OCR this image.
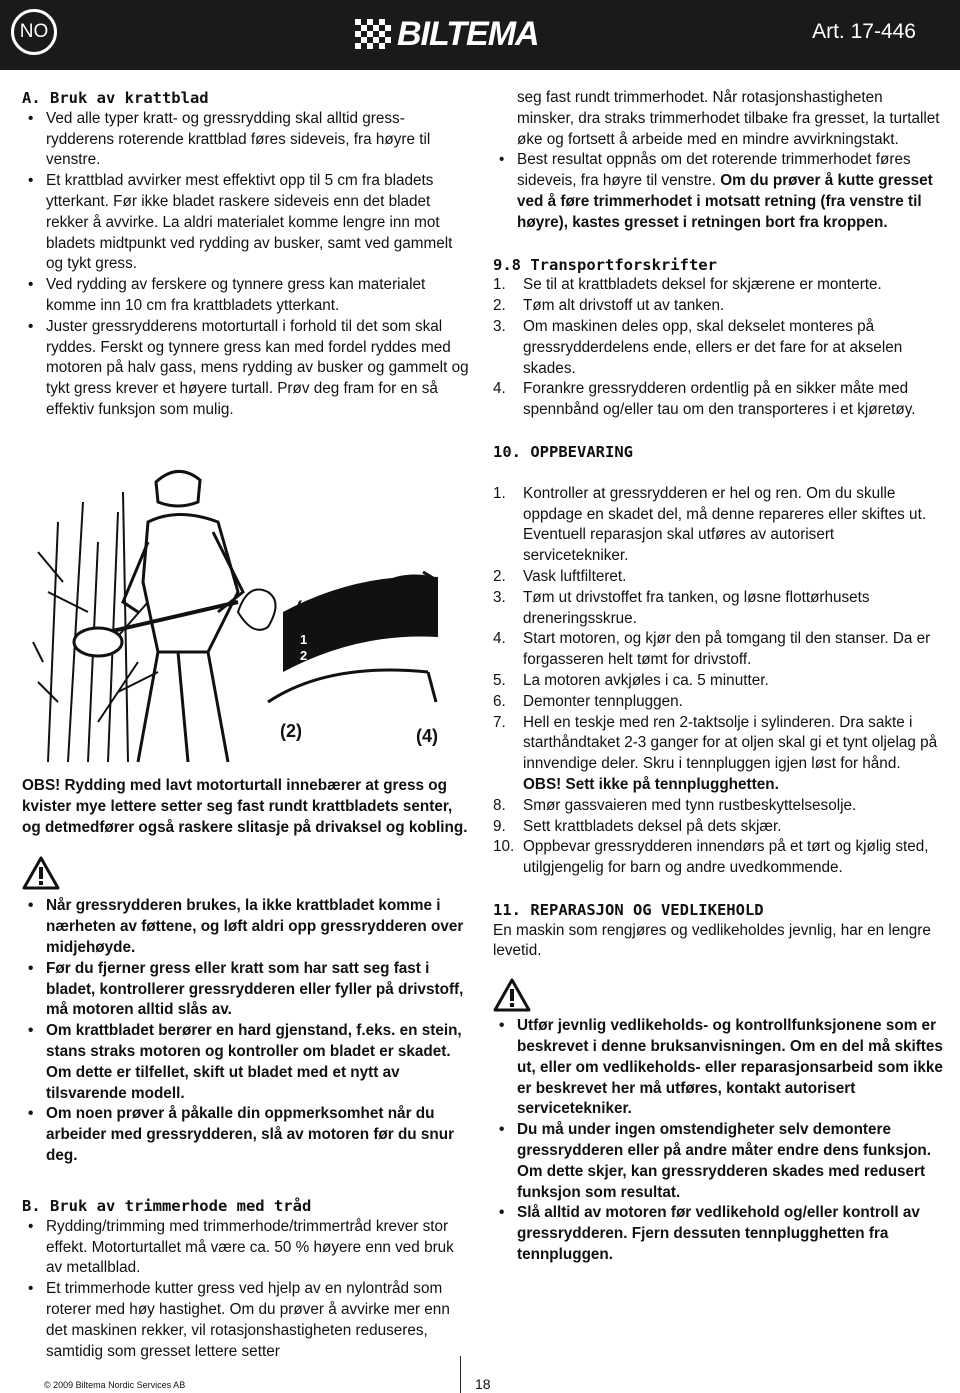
NO	BILTEMA	Art. 17-446

A. Bruk av krattblad

• Ved alle typer kratt- og gressrydding skal alltid gress-rydderens roterende krattblad føres sideveis, fra høyre til venstre.
• Et krattblad avvirker mest effektivt opp til 5 cm fra bladets ytterkant. Før ikke bladet raskere sideveis enn det bladet rekker å avvirke. La aldri materialet komme lengre inn mot bladets midtpunkt ved rydding av busker, samt ved gammelt og tykt gress.
• Ved rydding av ferskere og tynnere gress kan materialet komme inn 10 cm fra krattbladets ytterkant.
• Juster gressrydderens motorturtall i forhold til det som skal ryddes. Ferskt og tynnere gress kan med fordel ryddes med motoren på halv gass, mens rydding av busker og gammelt og tykt gress krever et høyere turtall. Prøv deg fram for en så effektiv funksjon som mulig.
(1)
(2)
(3)
(4)
1
2
3

OBS! Rydding med lavt motorturtall innebærer at gress og kvister mye lettere setter seg fast rundt krattbladets senter, og detmedfører også raskere slitasje på drivaksel og kobling.

• Når gressrydderen brukes, la ikke krattbladet komme i nærheten av føttene, og løft aldri opp gressrydderen over midjehøyde.
• Før du fjerner gress eller kratt som har satt seg fast i bladet, kontrollerer gressrydderen eller fyller på drivstoff, må motoren alltid slås av.
• Om krattbladet berører en hard gjenstand, f.eks. en stein, stans straks motoren og kontroller om bladet er skadet. Om dette er tilfellet, skift ut bladet med et nytt av tilsvarende modell.
• Om noen prøver å påkalle din oppmerksomhet når du arbeider med gressrydderen, slå av motoren før du snur deg.

B. Bruk av trimmerhode med tråd

• Rydding/trimming med trimmerhode/trimmertråd krever stor effekt. Motorturtallet må være ca. 50 % høyere enn ved bruk av metallblad.
• Et trimmerhode kutter gress ved hjelp av en nylontråd som roterer med høy hastighet. Om du prøver å avvirke mer enn det maskinen rekker, vil rotasjonshastigheten reduseres, samtidig som gresset lettere setter

seg fast rundt trimmerhodet. Når rotasjonshastigheten minsker, dra straks trimmerhodet tilbake fra gresset, la turtallet øke og fortsett å arbeide med en mindre avvirkningstakt.

• Best resultat oppnås om det roterende trimmerhodet føres sideveis, fra høyre til venstre. Om du prøver å kutte gresset ved å føre trimmerhodet i motsatt retning (fra venstre til høyre), kastes gresset i retningen bort fra kroppen.

9.8 Transportforskrifter

1. Se til at krattbladets deksel for skjærene er monterte.
2. Tøm alt drivstoff ut av tanken.
3. Om maskinen deles opp, skal dekselet monteres på gressrydderdelens ende, ellers er det fare for at akselen skades.
4. Forankre gressrydderen ordentlig på en sikker måte med spennbånd og/eller tau om den transporteres i et kjøretøy.

10. OPPBEVARING

1. Kontroller at gressrydderen er hel og ren. Om du skulle oppdage en skadet del, må denne repareres eller skiftes ut. Eventuell reparasjon skal utføres av autorisert servicetekniker.
2. Vask luftfilteret.
3. Tøm ut drivstoffet fra tanken, og løsne flottørhusets dreneringsskrue.
4. Start motoren, og kjør den på tomgang til den stanser. Da er forgasseren helt tømt for drivstoff.
5. La motoren avkjøles i ca. 5 minutter.
6. Demonter tennpluggen.
7. Hell en teskje med ren 2-taktsolje i sylinderen. Dra sakte i starthåndtaket 2-3 ganger for at oljen skal gi et tynt oljelag på innvendige deler. Skru i tennpluggen igjen løst for hånd.
OBS! Sett ikke på tennplugghetten.
8. Smør gassvaieren med tynn rustbeskyttelsesolje.
9. Sett krattbladets deksel på dets skjær.
10. Oppbevar gressrydderen innendørs på et tørt og kjølig sted, utilgjengelig for barn og andre uvedkommende.

11. REPARASJON OG VEDLIKEHOLD

En maskin som rengjøres og vedlikeholdes jevnlig, har en lengre levetid.

• Utfør jevnlig vedlikeholds- og kontrollfunksjonene som er beskrevet i denne bruksanvisningen. Om en del må skiftes ut, eller om vedlikeholds- eller reparasjonsarbeid som ikke er beskrevet her må utføres, kontakt autorisert servicetekniker.
• Du må under ingen omstendigheter selv demontere gressrydderen eller på andre måter endre dens funksjon. Om dette skjer, kan gressrydderen skades med redusert funksjon som resultat.
• Slå alltid av motoren før vedlikehold og/eller kontroll av gressrydderen. Fjern dessuten tennplugghetten fra tennpluggen.
© 2009 Biltema Nordic Services AB	18
